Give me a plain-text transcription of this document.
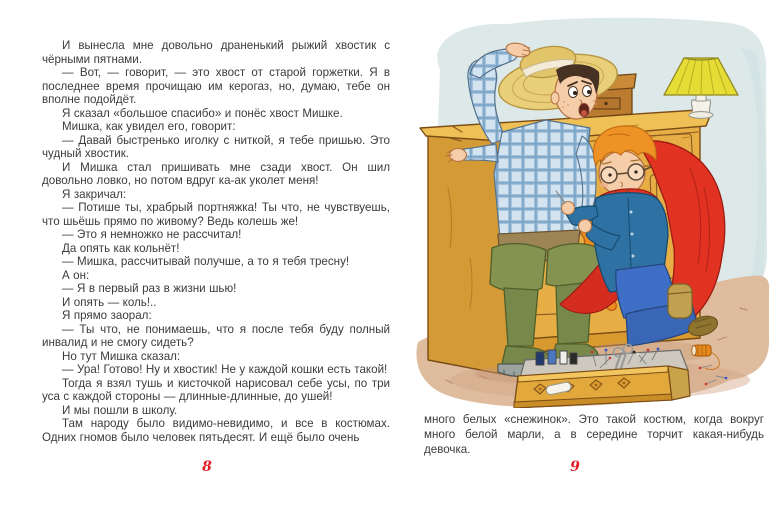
И вынесла мне довольно драненький рыжий хвостик с чёрными пятнами.

— Вот, — говорит, — это хвост от старой горжетки. Я в последнее время прочищаю им керогаз, но, думаю, тебе он вполне подойдёт.

Я сказал «большое спасибо» и понёс хвост Мишке.

Мишка, как увидел его, говорит:

— Давай быстренько иголку с ниткой, я тебе пришью. Это чудный хвостик.

И Мишка стал пришивать мне сзади хвост. Он шил довольно ловко, но потом вдруг ка-ак уколет меня!

Я закричал:

— Потише ты, храбрый портняжка! Ты что, не чувствуешь, что шьёшь прямо по живому? Ведь колешь же!

— Это я немножко не рассчитал!

Да опять как кольнёт!

— Мишка, рассчитывай получше, а то я тебя тресну!

А он:

— Я в первый раз в жизни шью!

И опять — коль!..

Я прямо заорал:

— Ты что, не понимаешь, что я после тебя буду полный инвалид и не смогу сидеть?

Но тут Мишка сказал:

— Ура! Готово! Ну и хвостик! Не у каждой кошки есть такой!

Тогда я взял тушь и кисточкой нарисовал себе усы, по три уса с каждой стороны — длинные-длинные, до ушей!

И мы пошли в школу.

Там народу было видимо-невидимо, и все в костюмах. Одних гномов было человек пятьдесят. И ещё было очень

8

много белых «снежинок». Это такой костюм, когда вокруг много белой марли, а в середине торчит какая-нибудь девочка.

9
